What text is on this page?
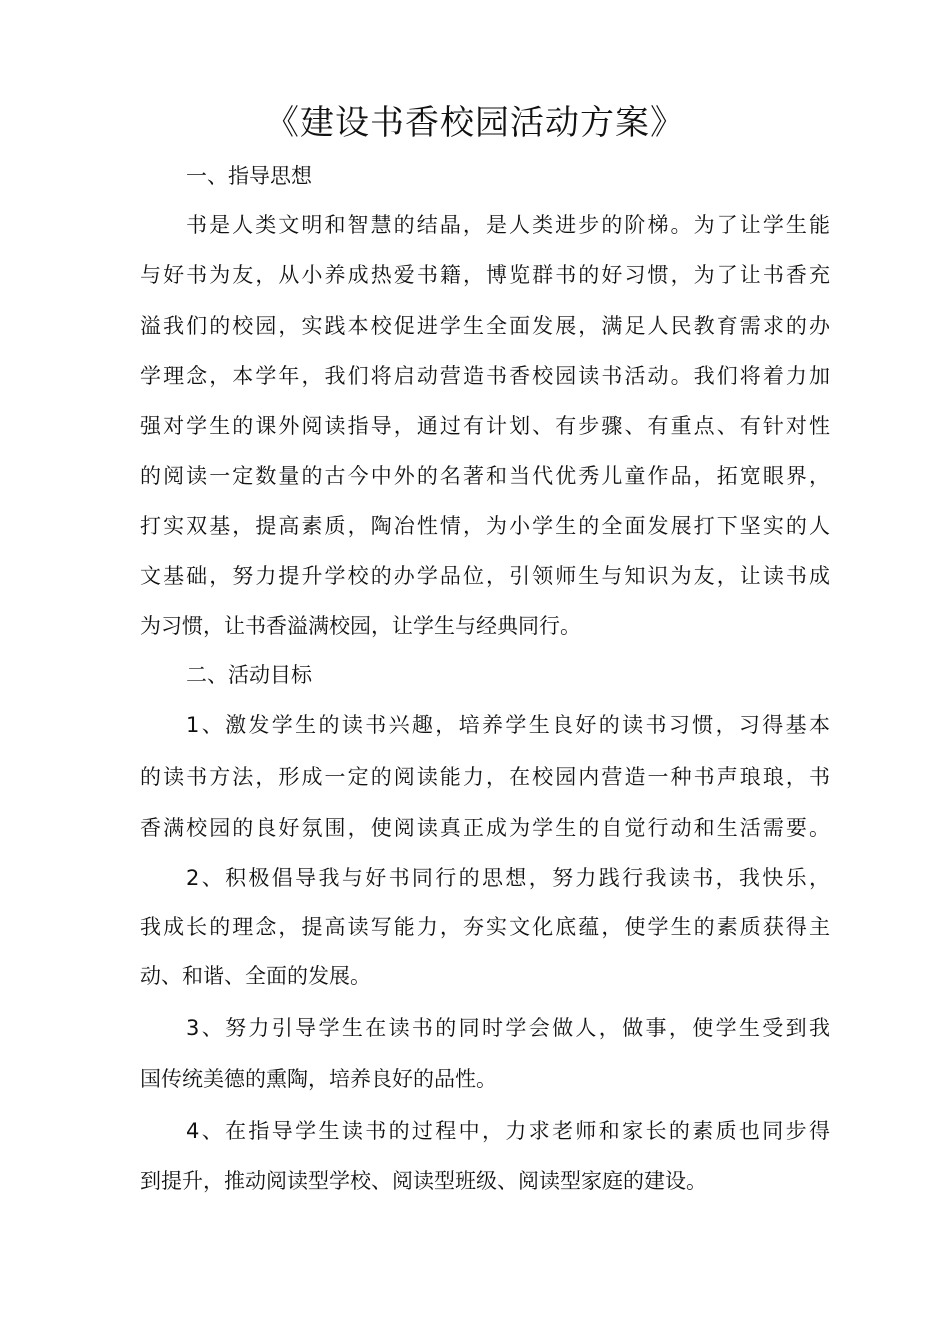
《建设书香校园活动方案》
一、指导思想
书是人类文明和智慧的结晶，是人类进步的阶梯。为了让学生能
与好书为友，从小养成热爱书籍，博览群书的好习惯，为了让书香充
溢我们的校园，实践本校促进学生全面发展，满足人民教育需求的办
学理念，本学年，我们将启动营造书香校园读书活动。我们将着力加
强对学生的课外阅读指导，通过有计划、有步骤、有重点、有针对性
的阅读一定数量的古今中外的名著和当代优秀儿童作品，拓宽眼界，
打实双基，提高素质，陶冶性情，为小学生的全面发展打下坚实的人
文基础，努力提升学校的办学品位，引领师生与知识为友，让读书成
为习惯，让书香溢满校园，让学生与经典同行。
二、活动目标
1、激发学生的读书兴趣，培养学生良好的读书习惯，习得基本
的读书方法，形成一定的阅读能力，在校园内营造一种书声琅琅，书
香满校园的良好氛围，使阅读真正成为学生的自觉行动和生活需要。
2、积极倡导我与好书同行的思想，努力践行我读书，我快乐，
我成长的理念，提高读写能力，夯实文化底蕴，使学生的素质获得主
动、和谐、全面的发展。
3、努力引导学生在读书的同时学会做人，做事，使学生受到我
国传统美德的熏陶，培养良好的品性。
4、在指导学生读书的过程中，力求老师和家长的素质也同步得
到提升，推动阅读型学校、阅读型班级、阅读型家庭的建设。
